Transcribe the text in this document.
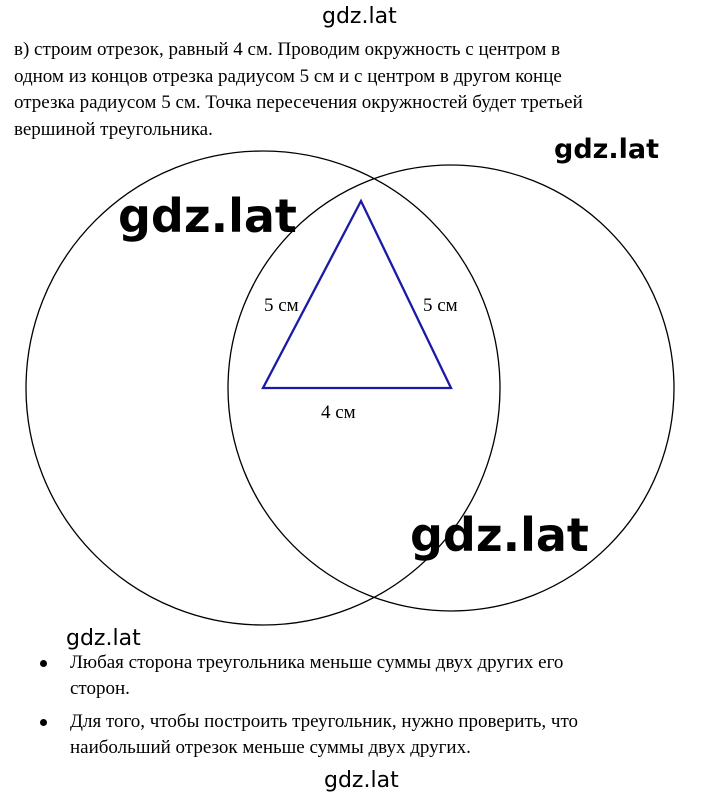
gdz.lat

в) строим отрезок, равный 4 см. Проводим окружность с центром в
одном из концов отрезка радиусом 5 см и с центром в другом конце
отрезка радиусом 5 см. Точка пересечения окружностей будет третьей
вершиной треугольника.

5 см	5 см
4 см
gdz.lat
gdz.lat
gdz.lat
gdz.lat
Любая сторона треугольника меньше суммы двух других его
сторон.
Для того, чтобы построить треугольник, нужно проверить, что
наибольший отрезок меньше суммы двух других.
gdz.lat
